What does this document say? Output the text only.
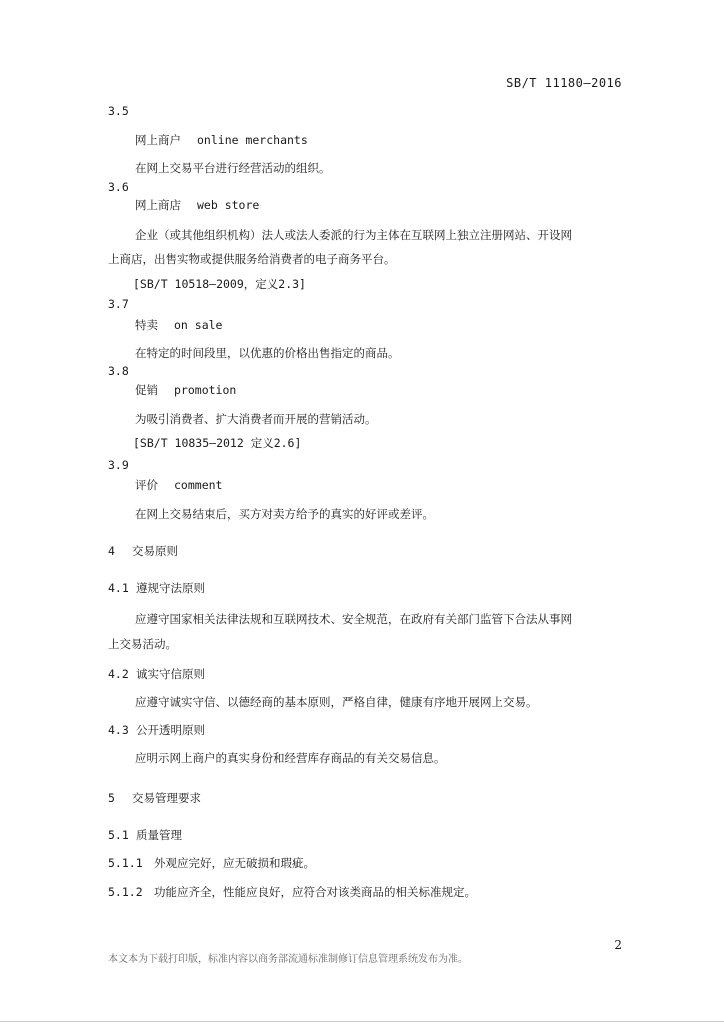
SB/T 11180—2016
3.5
网上商户 online merchants
在网上交易平台进行经营活动的组织。
3.6
网上商店 web store
企业（或其他组织机构）法人或法人委派的行为主体在互联网上独立注册网站、开设网
上商店，出售实物或提供服务给消费者的电子商务平台。
[SB/T 10518—2009，定义2.3]
3.7
特卖 on sale
在特定的时间段里，以优惠的价格出售指定的商品。
3.8
促销 promotion
为吸引消费者、扩大消费者而开展的营销活动。
[SB/T 10835—2012 定义2.6]
3.9
评价 comment
在网上交易结束后，买方对卖方给予的真实的好评或差评。
4 交易原则
4.1 遵规守法原则
应遵守国家相关法律法规和互联网技术、安全规范，在政府有关部门监管下合法从事网
上交易活动。
4.2 诚实守信原则
应遵守诚实守信、以德经商的基本原则，严格自律，健康有序地开展网上交易。
4.3 公开透明原则
应明示网上商户的真实身份和经营库存商品的有关交易信息。
5 交易管理要求
5.1 质量管理
5.1.1 外观应完好，应无破损和瑕疵。
5.1.2 功能应齐全，性能应良好，应符合对该类商品的相关标准规定。
2
本文本为下载打印版，标准内容以商务部流通标准制修订信息管理系统发布为准。
